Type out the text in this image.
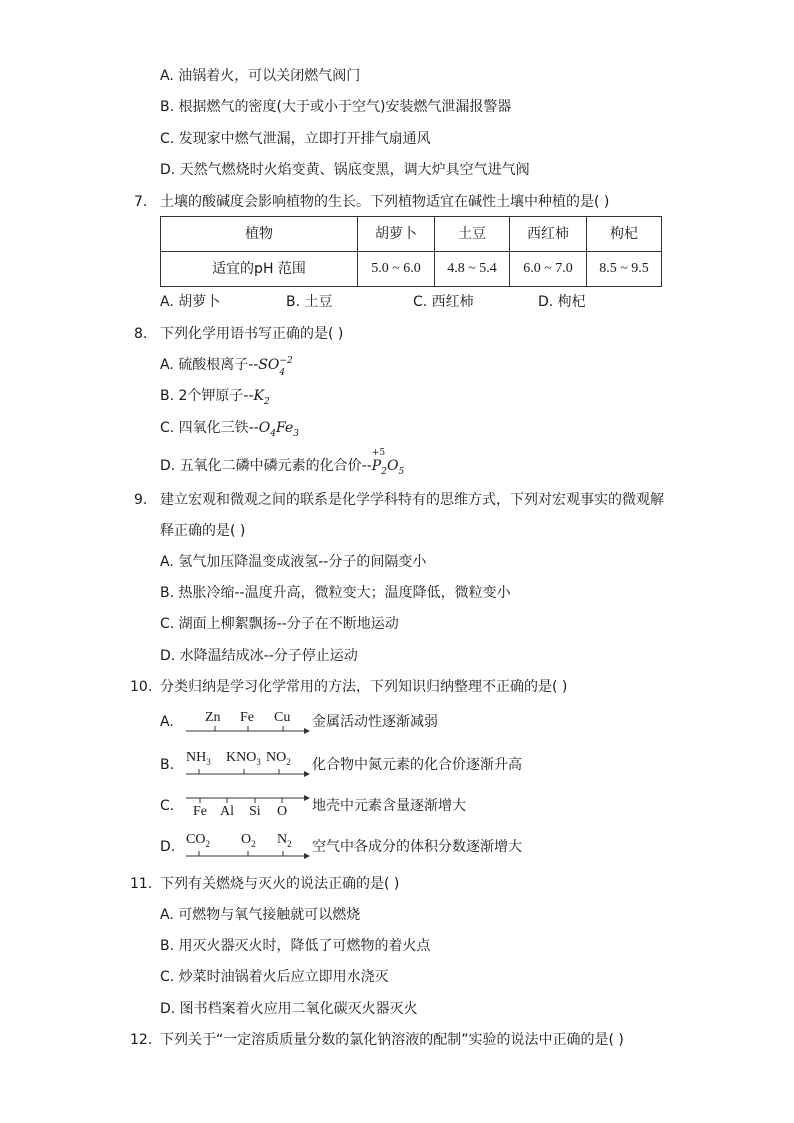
A. 油锅着火，可以关闭燃气阀门
B. 根据燃气的密度(大于或小于空气)安装燃气泄漏报警器
C. 发现家中燃气泄漏，立即打开排气扇通风
D. 天然气燃烧时火焰变黄、锅底变黑，调大炉具空气进气阀
7. 土壤的酸碱度会影响植物的生长。下列植物适宜在碱性土壤中种植的是( )
植物	胡萝卜	土豆	西红柿	枸杞
适宜的pH 范围	5.0 ~ 6.0	4.8 ~ 5.4	6.0 ~ 7.0	8.5 ~ 9.5
A. 胡萝卜	B. 土豆	C. 西红柿	D. 枸杞
8. 下列化学用语书写正确的是( )
A. 硫酸根离子--SO 4
−2
B. 2个钾原子$--K_2$
C. 四氧化三铁$--O_4Fe_3$
D. 五氧化二磷中磷元素的化合价--
+5
$P_2O_5$
9. 建立宏观和微观之间的联系是化学学科特有的思维方式，下列对宏观事实的微观解
释正确的是( )
A. 氢气加压降温变成液氢--分子的间隔变小
B. 热胀冷缩--温度升高，微粒变大；温度降低，微粒变小
C. 湖面上柳絮飘扬--分子在不断地运动
D. 水降温结成冰--分子停止运动
10. 分类归纳是学习化学常用的方法，下列知识归纳整理不正确的是( )
A. Zn Fe Cu 金属活动性逐渐减弱
B. $NH_3$ $KNO_3$ $NO_2$ 化合物中氮元素的化合价逐渐升高
C. Fe Al Si O 地壳中元素含量逐渐增大
D. $CO_2$ $O_2$ $N_2$ 空气中各成分的体积分数逐渐增大
11. 下列有关燃烧与灭火的说法正确的是( )
A. 可燃物与氧气接触就可以燃烧
B. 用灭火器灭火时，降低了可燃物的着火点
C. 炒菜时油锅着火后应立即用水浇灭
D. 图书档案着火应用二氧化碳灭火器灭火
12. 下列关于“一定溶质质量分数的氯化钠溶液的配制”实验的说法中正确的是( )
